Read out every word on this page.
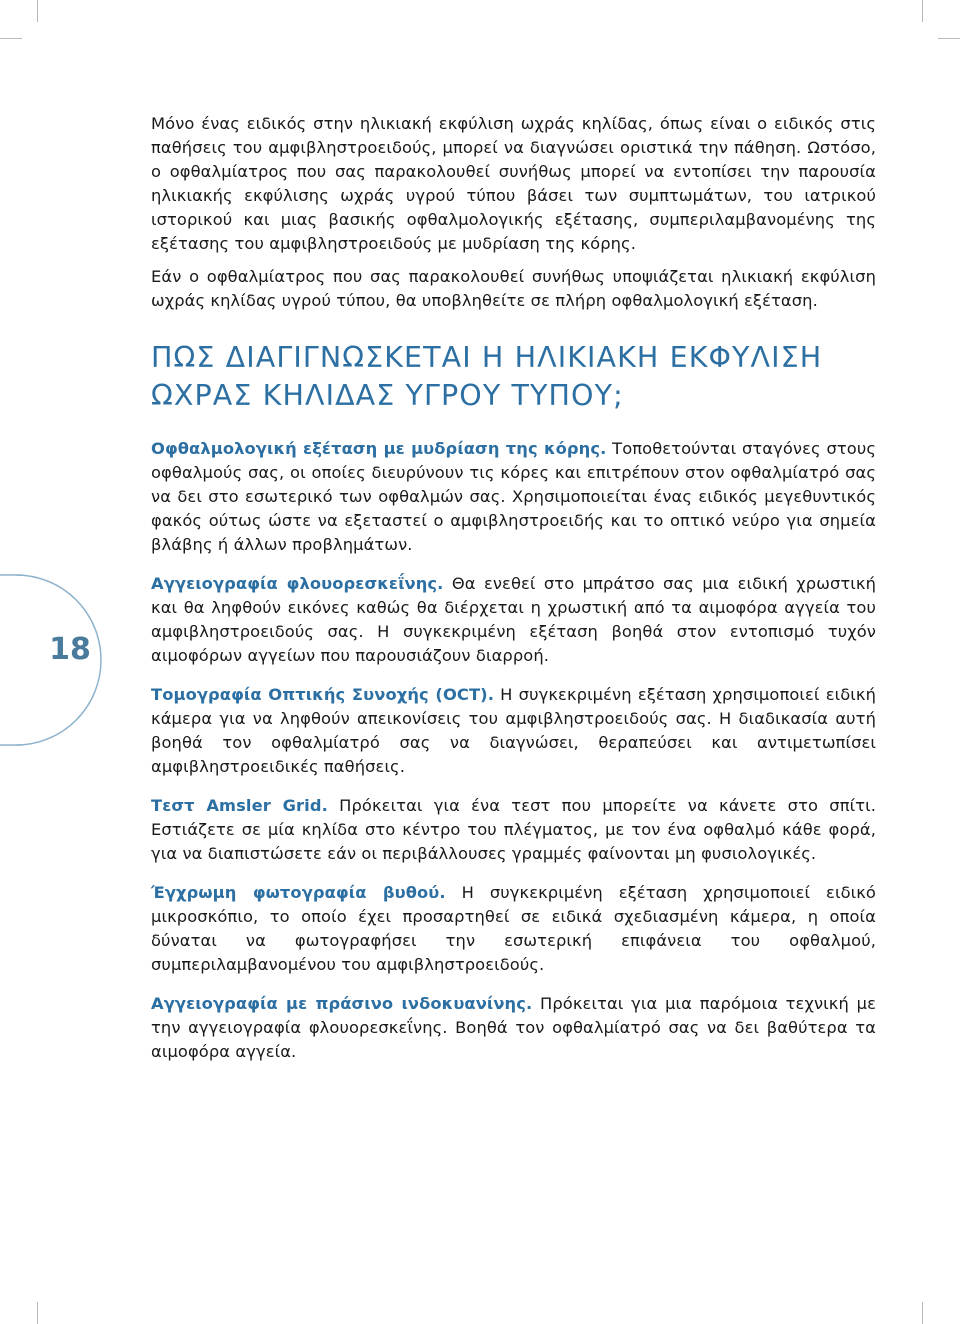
18

Μόνο ένας ειδικός στην ηλικιακή εκφύλιση ωχράς κηλίδας, όπως είναι ο ειδικός στις παθήσεις του αμφιβληστροειδούς, μπορεί να διαγνώσει οριστικά την πάθηση. Ωστόσο, ο οφθαλμίατρος που σας παρακολουθεί συνήθως μπορεί να εντοπίσει την παρουσία ηλικιακής εκφύλισης ωχράς υγρού τύπου βάσει των συμπτωμάτων, του ιατρικού ιστορικού και μιας βασικής οφθαλμολογικής εξέτασης, συμπεριλαμβανομένης της εξέτασης του αμφιβληστροειδούς με μυδρίαση της κόρης.

Εάν ο οφθαλμίατρος που σας παρακολουθεί συνήθως υποψιάζεται ηλικιακή εκφύλιση ωχράς κηλίδας υγρού τύπου, θα υποβληθείτε σε πλήρη οφθαλμολογική εξέταση.

ΠΩΣ ΔΙΑΓΙΓΝΩΣΚΕΤΑΙ Η ΗΛΙΚΙΑΚΗ ΕΚΦΥΛΙΣΗ
ΩΧΡΑΣ ΚΗΛΙΔΑΣ ΥΓΡΟΥ ΤΥΠΟΥ;

Οφθαλμολογική εξέταση με μυδρίαση της κόρης. Τοποθετούνται σταγόνες στους οφθαλμούς σας, οι οποίες διευρύνουν τις κόρες και επιτρέπουν στον οφθαλμίατρό σας να δει στο εσωτερικό των οφθαλμών σας. Χρησιμοποιείται ένας ειδικός μεγεθυντικός φακός ούτως ώστε να εξεταστεί ο αμφιβληστροειδής και το οπτικό νεύρο για σημεία βλάβης ή άλλων προβλημάτων.

Αγγειογραφία φλουορεσκεΐνης. Θα ενεθεί στο μπράτσο σας μια ειδική χρωστική και θα ληφθούν εικόνες καθώς θα διέρχεται η χρωστική από τα αιμοφόρα αγγεία του αμφιβληστροειδούς σας. Η συγκεκριμένη εξέταση βοηθά στον εντοπισμό τυχόν αιμοφόρων αγγείων που παρουσιάζουν διαρροή.

Τομογραφία Οπτικής Συνοχής (OCT). Η συγκεκριμένη εξέταση χρησιμοποιεί ειδική κάμερα για να ληφθούν απεικονίσεις του αμφιβληστροειδούς σας. Η διαδικασία αυτή βοηθά τον οφθαλμίατρό σας να διαγνώσει, θεραπεύσει και αντιμετωπίσει αμφιβληστροειδικές παθήσεις.

Τεστ Amsler Grid. Πρόκειται για ένα τεστ που μπορείτε να κάνετε στο σπίτι. Εστιάζετε σε μία κηλίδα στο κέντρο του πλέγματος, με τον ένα οφθαλμό κάθε φορά, για να διαπιστώσετε εάν οι περιβάλλουσες γραμμές φαίνονται μη φυσιολογικές.

Έγχρωμη φωτογραφία βυθού. Η συγκεκριμένη εξέταση χρησιμοποιεί ειδικό μικροσκόπιο, το οποίο έχει προσαρτηθεί σε ειδικά σχεδιασμένη κάμερα, η οποία δύναται να φωτογραφήσει την εσωτερική επιφάνεια του οφθαλμού, συμπεριλαμβανομένου του αμφιβληστροειδούς.

Αγγειογραφία με πράσινο ινδοκυανίνης. Πρόκειται για μια παρόμοια τεχνική με την αγγειογραφία φλουορεσκεΐνης. Βοηθά τον οφθαλμίατρό σας να δει βαθύτερα τα αιμοφόρα αγγεία.
